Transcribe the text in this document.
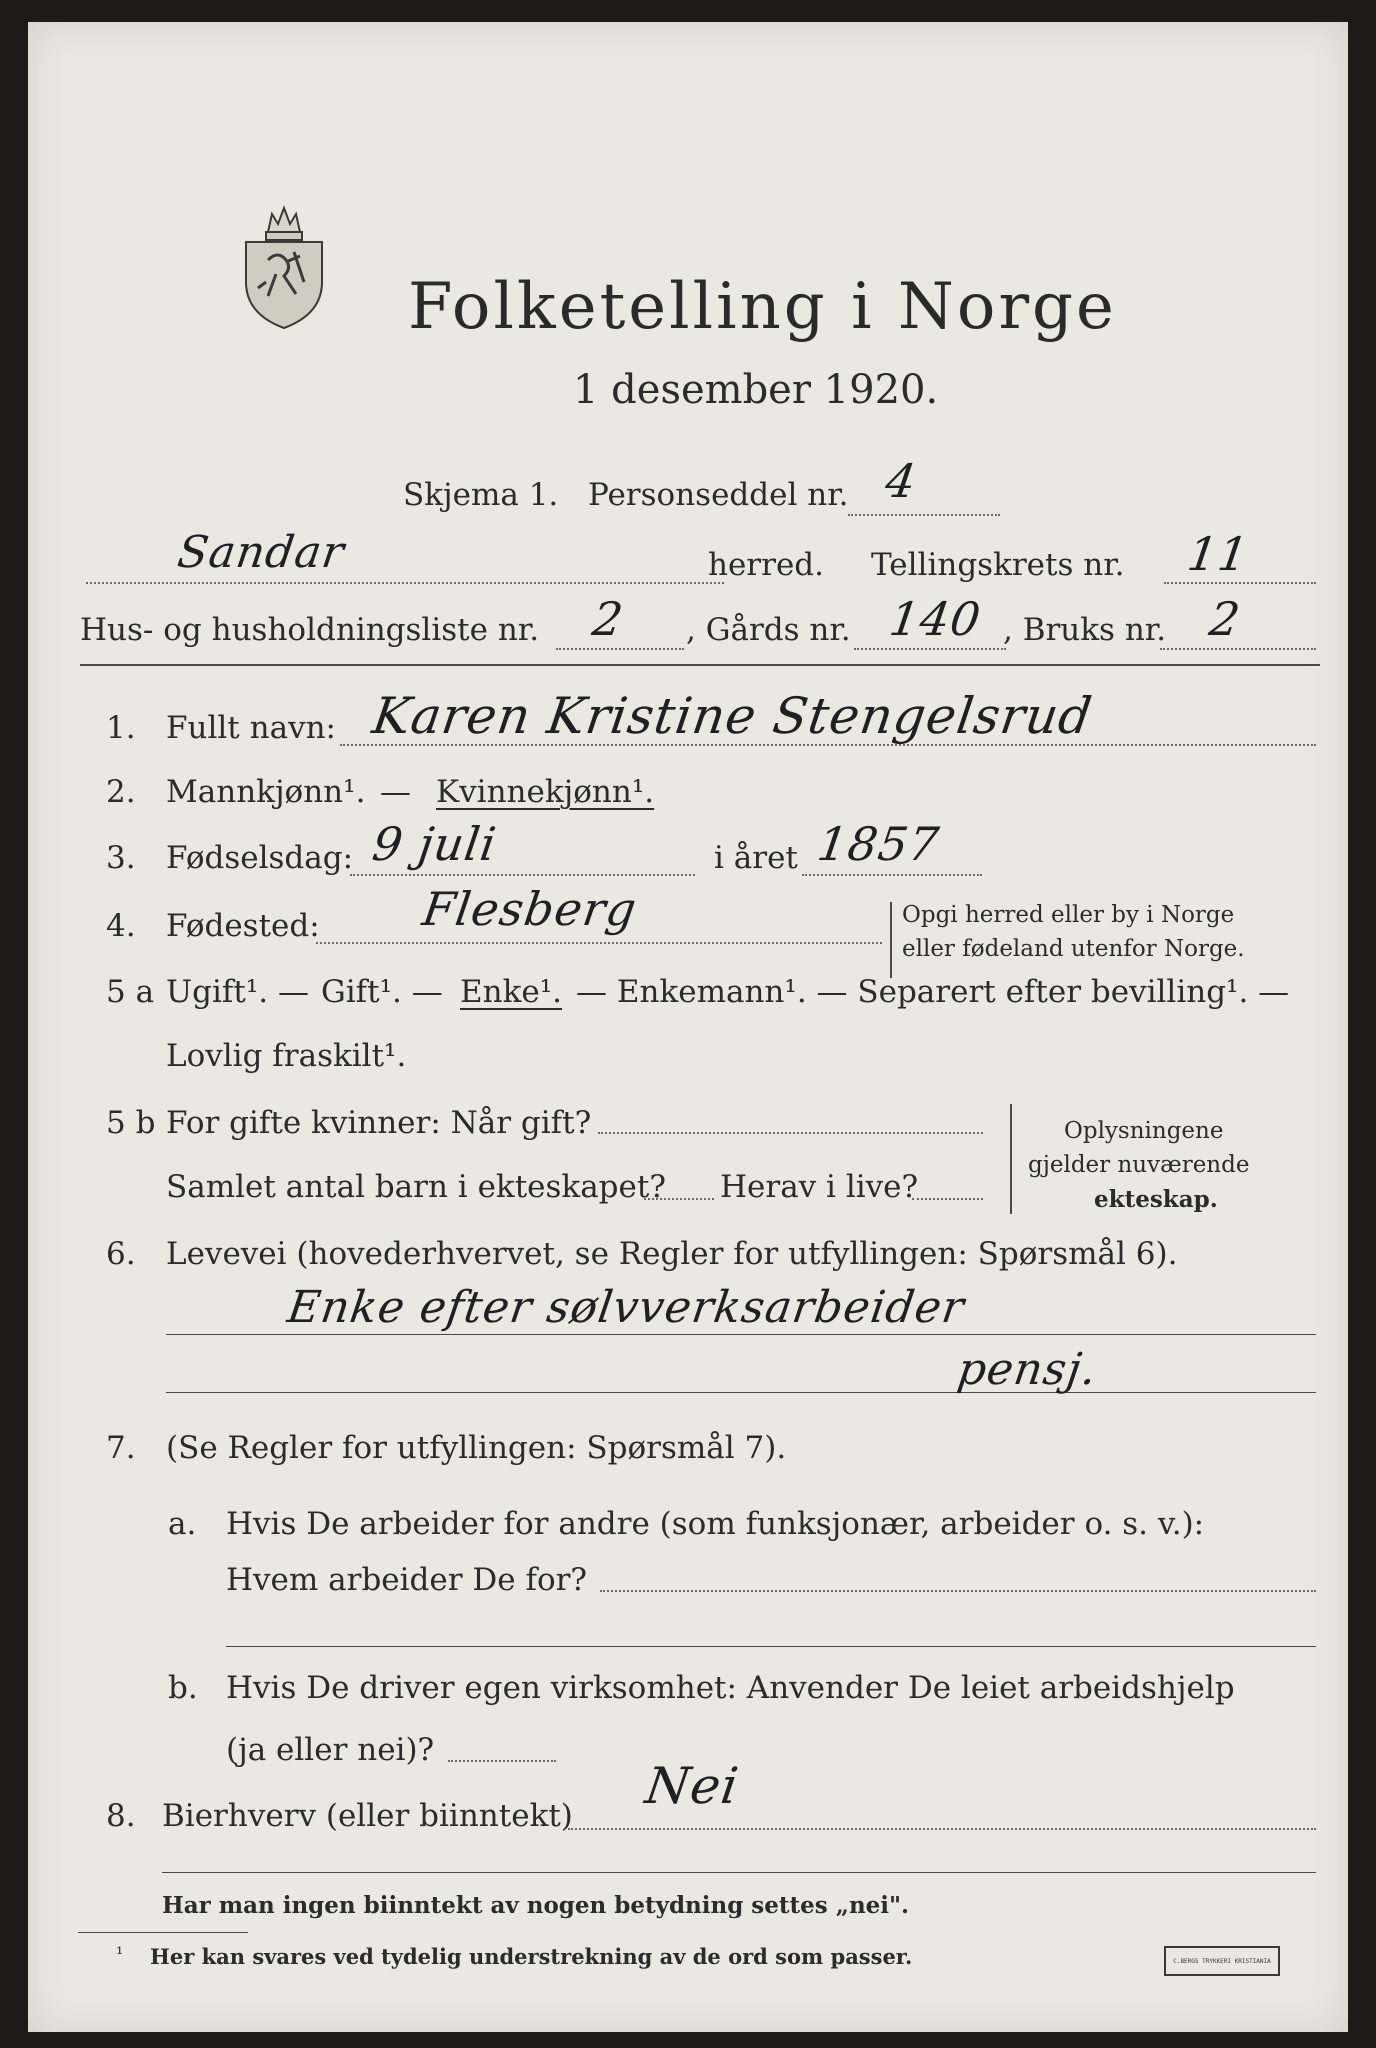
Folketelling i Norge
1 desember 1920.
Skjema 1. Personseddel nr. 4
Sandar	herred. Tellingskrets nr. 11
Hus- og husholdningsliste nr. 2 , Gårds nr. 140 , Bruks nr. 2
1. Fullt navn: Karen Kristine Stengelsrud
2. Mannkjønn¹. — Kvinnekjønn¹.
3. Fødselsdag: 9 juli	i året 1857
4. Fødested: Flesberg	Opgi herred eller by i Norge
eller fødeland utenfor Norge.
5 a Ugift¹. — Gift¹. — Enke¹. — Enkemann¹. — Separert efter bevilling¹. —
Lovlig fraskilt¹.
5 b For gifte kvinner: Når gift?
Samlet antal barn i ekteskapet? Herav i live?
Oplysningene
gjelder nuværende
ekteskap.
6. Levevei (hovederhvervet, se Regler for utfyllingen: Spørsmål 6).
Enke efter sølvverksarbeider
pensj.
7. (Se Regler for utfyllingen: Spørsmål 7).
a. Hvis De arbeider for andre (som funksjonær, arbeider o. s. v.):
Hvem arbeider De for?
b. Hvis De driver egen virksomhet: Anvender De leiet arbeidshjelp
(ja eller nei)?
8. Bierhverv (eller biinntekt)
Nei
Har man ingen biinntekt av nogen betydning settes „nei".
¹ Her kan svares ved tydelig understrekning av de ord som passer.	C.BERGS TRYKKERI KRISTIANIA
